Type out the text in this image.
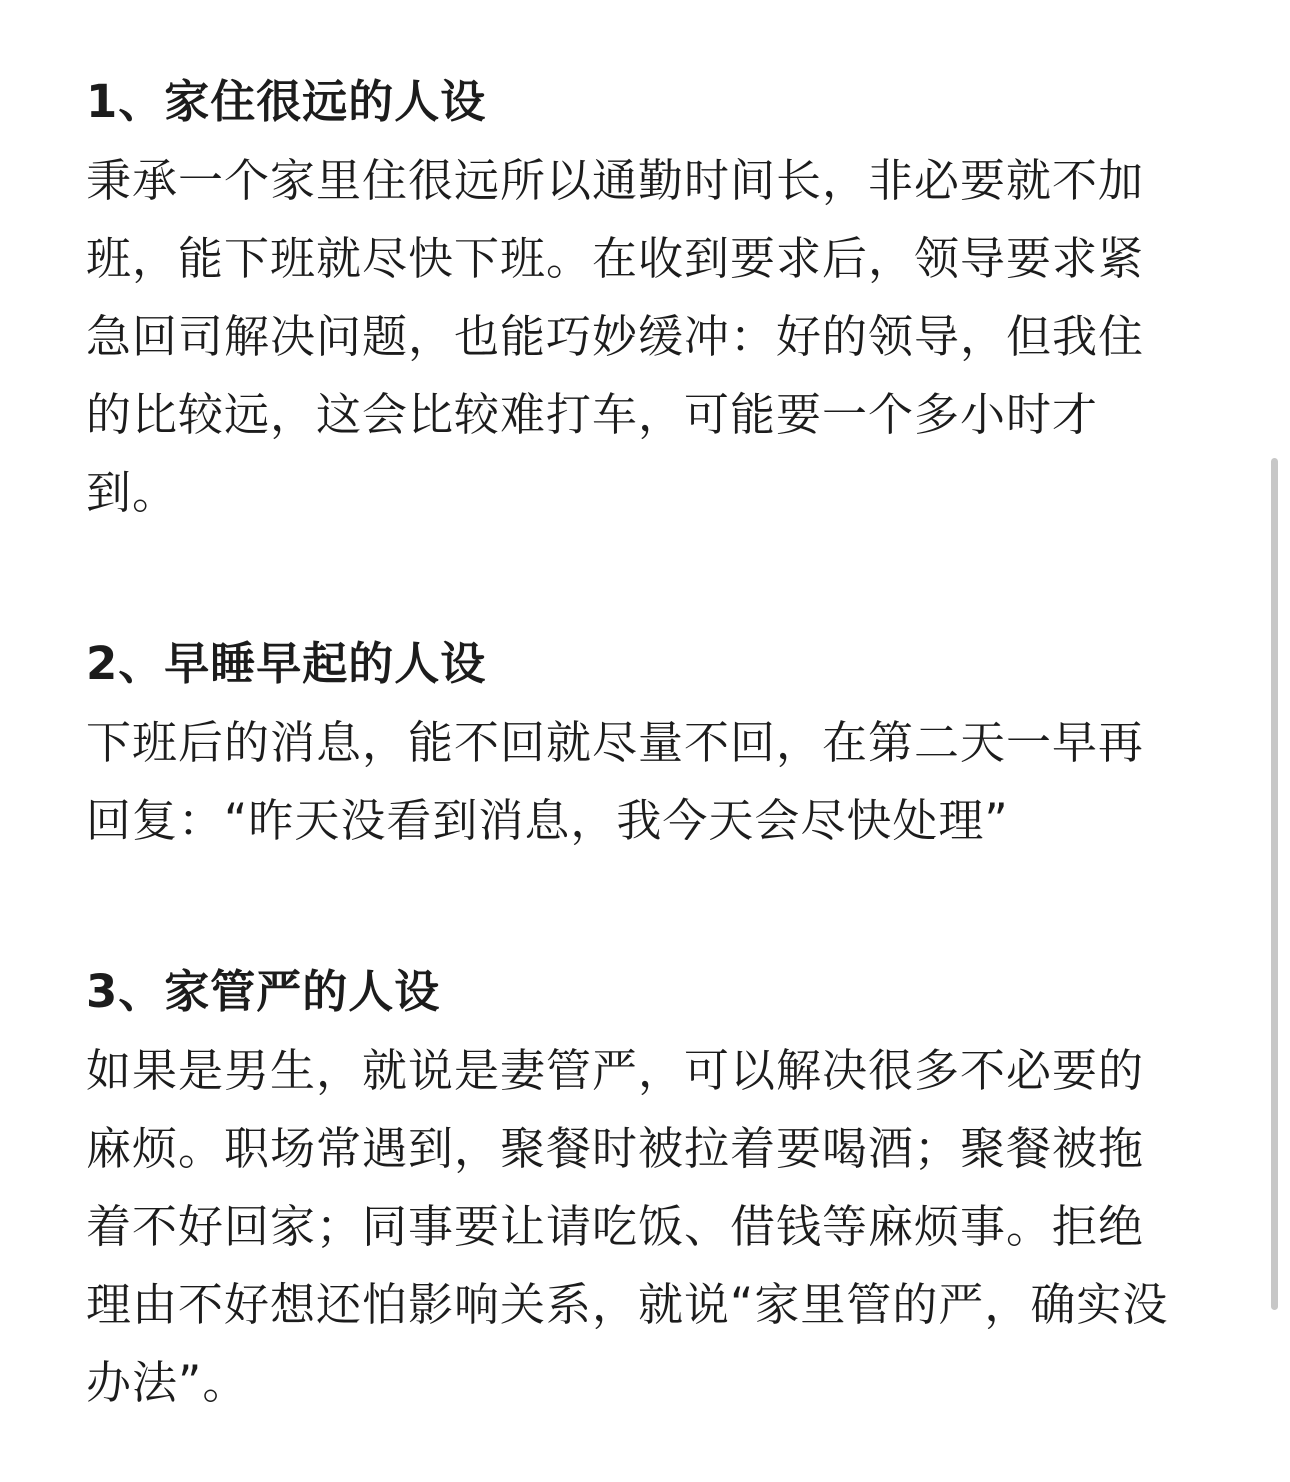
1、家住很远的人设

秉承一个家里住很远所以通勤时间长，非必要就不加班，能下班就尽快下班。在收到要求后，领导要求紧急回司解决问题，也能巧妙缓冲：好的领导，但我住的比较远，这会比较难打车，可能要一个多小时才到。

2、早睡早起的人设

下班后的消息，能不回就尽量不回，在第二天一早再回复：“昨天没看到消息，我今天会尽快处理”

3、家管严的人设

如果是男生，就说是妻管严，可以解决很多不必要的麻烦。职场常遇到，聚餐时被拉着要喝酒；聚餐被拖着不好回家；同事要让请吃饭、借钱等麻烦事。拒绝理由不好想还怕影响关系，就说“家里管的严，确实没办法”。
